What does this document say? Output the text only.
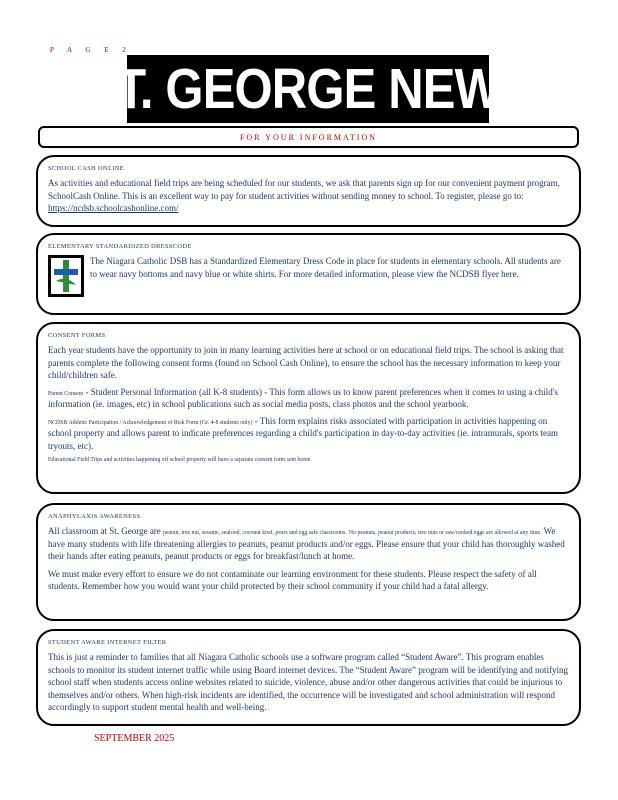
P A G E 2
ST. GEORGE NEWS
FOR YOUR INFORMATION
SCHOOL CASH ONLINE

As activities and educational field trips are being scheduled for our students, we ask that parents sign up for our convenient payment program, SchoolCash Online. This is an excellent way to pay for student activities without sending money to school. To register, please go to:
https://ncdsb.schoolcashonline.com/

ELEMENTARY STANDARDIZED DRESSCODE

The Niagara Catholic DSB has a Standardized Elementary Dress Code in place for students in elementary schools. All students are to wear navy bottoms and navy blue or white shirts. For more detailed information, please view the NCDSB flyer here.

CONSENT FORMS

Each year students have the opportunity to join in many learning activities here at school or on educational field trips. The school is asking that parents complete the following consent forms (found on School Cash Online), to ensure the school has the necessary information to keep your child/children safe.

Parent Consent - Student Personal Information (all K-8 students) - This form allows us to know parent preferences when it comes to using a child's information (ie. images, etc) in school publications such as social media posts, class photos and the school yearbook.

NCDSB Athletic Participation / Acknowledgement of Risk Form (Gr. 4-8 students only) - This form explains risks associated with participation in activities happening on school property and allows parent to indicate preferences regarding a child's participation in day-to-day activities (ie. intramurals, sports team tryouts, etc).

Educational Field Trips and activities happening off school property will have a separate consent form sent home.

ANAPHYLAXIS AWARENESS

All classroom at St. George are peanut, tree nut, sesame, seafood, coconut kiwi, pears and egg safe classrooms. No peanuts, peanut products, tree nuts or raw/cooked eggs are allowed at any time. We have many students with life threatening allergies to peanuts, peanut products and/or eggs. Please ensure that your child has thoroughly washed their hands after eating peanuts, peanut products or eggs for breakfast/lunch at home.

We must make every effort to ensure we do not contaminate our learning environment for these students. Please respect the safety of all students. Remember how you would want your child protected by their school community if your child had a fatal allergy.

STUDENT AWARE INTERNET FILTER

This is just a reminder to families that all Niagara Catholic schools use a software program called “Student Aware”. This program enables schools to monitor its student internet traffic while using Board internet devices. The “Student Aware” program will be identifying and notifying school staff when students access online websites related to suicide, violence, abuse and/or other dangerous activities that could be injurious to themselves and/or others. When high-risk incidents are identified, the occurrence will be investigated and school administration will respond accordingly to support student mental health and well-being.

SEPTEMBER 2025
